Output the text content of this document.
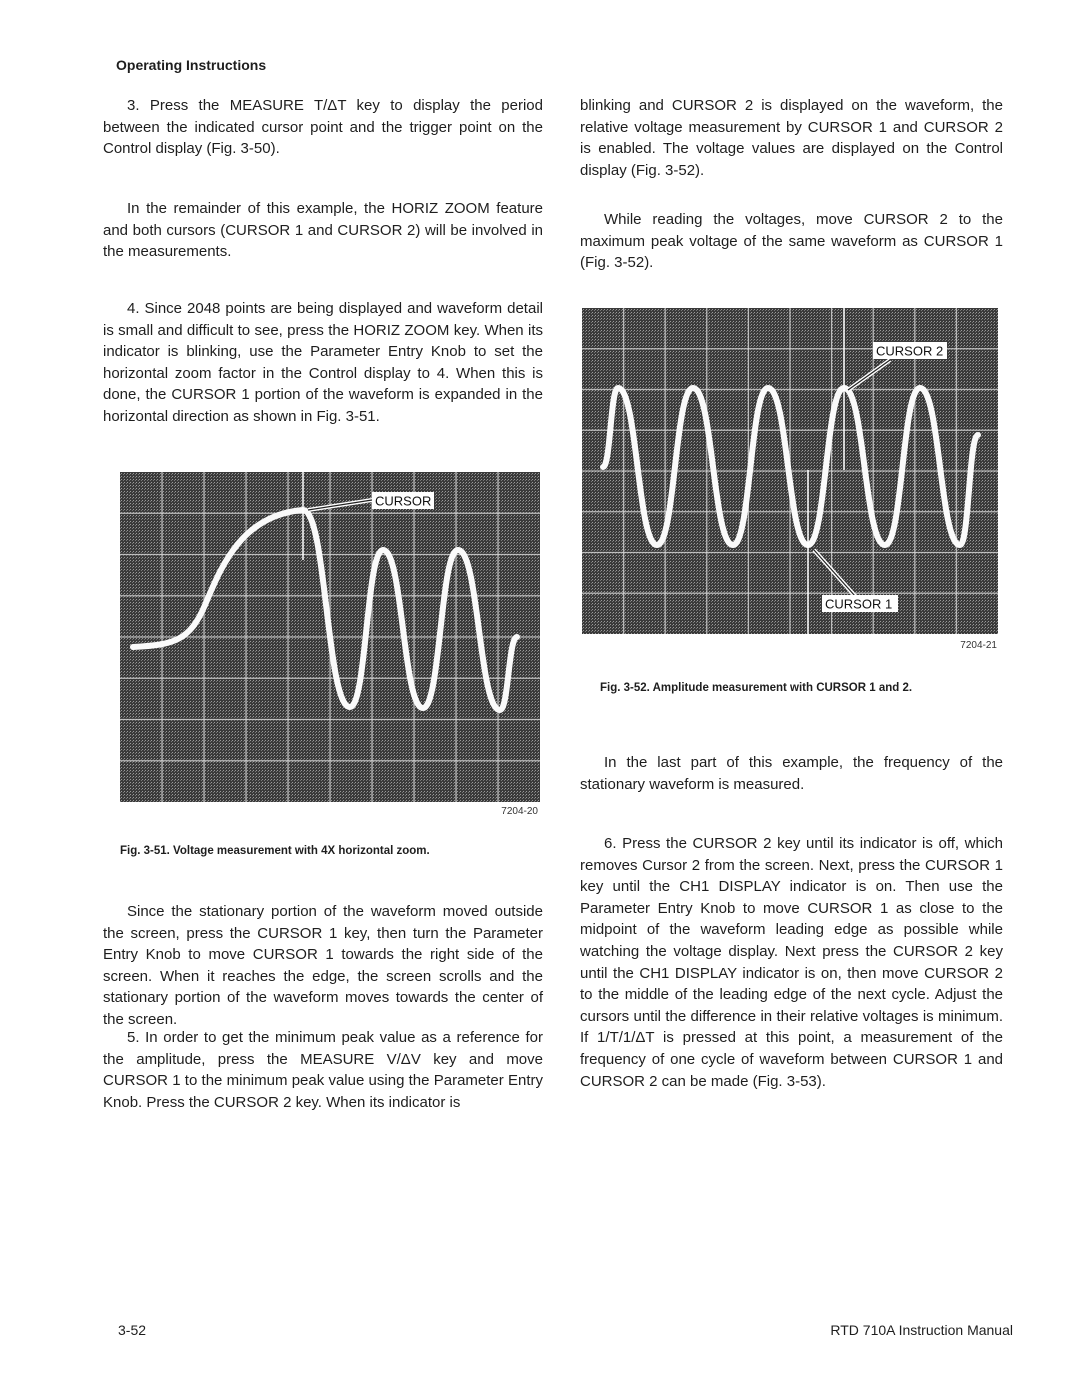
Operating Instructions
3. Press the MEASURE T/ΔT key to display the period between the indicated cursor point and the trigger point on the Control display (Fig. 3-50).
In the remainder of this example, the HORIZ ZOOM feature and both cursors (CURSOR 1 and CURSOR 2) will be involved in the measurements.
4. Since 2048 points are being displayed and waveform detail is small and difficult to see, press the HORIZ ZOOM key. When its indicator is blinking, use the Parameter Entry Knob to set the horizontal zoom factor in the Control display to 4. When this is done, the CURSOR 1 portion of the waveform is expanded in the horizontal direction as shown in Fig. 3-51.
CURSOR
7204-20
Fig. 3-51. Voltage measurement with 4X horizontal zoom.
Since the stationary portion of the waveform moved outside the screen, press the CURSOR 1 key, then turn the Parameter Entry Knob to move CURSOR 1 towards the right side of the screen. When it reaches the edge, the screen scrolls and the stationary portion of the waveform moves towards the center of the screen.
5. In order to get the minimum peak value as a reference for the amplitude, press the MEASURE V/ΔV key and move CURSOR 1 to the minimum peak value using the Parameter Entry Knob. Press the CURSOR 2 key. When its indicator is
blinking and CURSOR 2 is displayed on the waveform, the relative voltage measurement by CURSOR 1 and CURSOR 2 is enabled. The voltage values are displayed on the Control display (Fig. 3-52).
While reading the voltages, move CURSOR 2 to the maximum peak voltage of the same waveform as CURSOR 1 (Fig. 3-52).
CURSOR 2
CURSOR 1
7204-21
Fig. 3-52. Amplitude measurement with CURSOR 1 and 2.
In the last part of this example, the frequency of the stationary waveform is measured.
6. Press the CURSOR 2 key until its indicator is off, which removes Cursor 2 from the screen. Next, press the CURSOR 1 key until the CH1 DISPLAY indicator is on. Then use the Parameter Entry Knob to move CURSOR 1 as close to the midpoint of the waveform leading edge as possible while watching the voltage display. Next press the CURSOR 2 key until the CH1 DISPLAY indicator is on, then move CURSOR 2 to the middle of the leading edge of the next cycle. Adjust the cursors until the difference in their relative voltages is minimum. If 1/T/1/ΔT is pressed at this point, a measurement of the frequency of one cycle of waveform between CURSOR 1 and CURSOR 2 can be made (Fig. 3-53).
3-52	RTD 710A Instruction Manual
